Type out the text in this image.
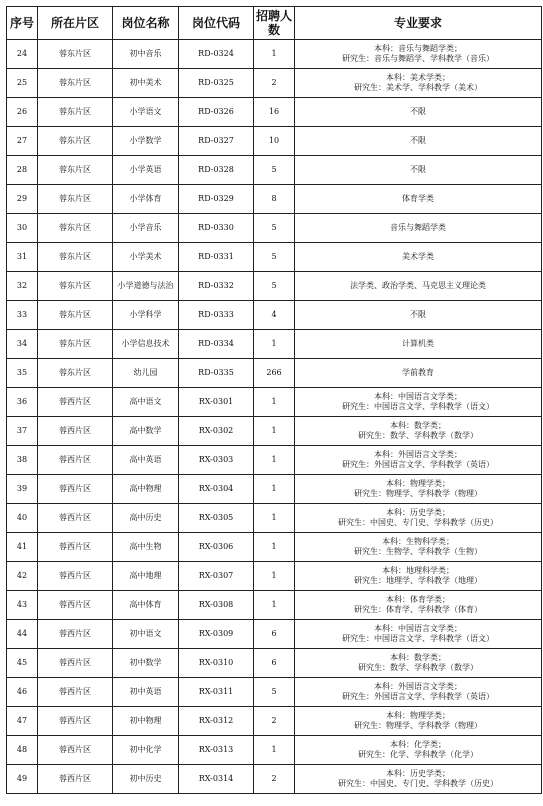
序号	所在片区	岗位名称	岗位代码	招聘人数	专业要求
24	蓉东片区	初中音乐	RD-0324	1	本科：音乐与舞蹈学类；
研究生：音乐与舞蹈学、学科教学（音乐）

25	蓉东片区	初中美术	RD-0325	2	本科：美术学类；
研究生：美术学、学科教学（美术）

26	蓉东片区	小学语文	RD-0326	16	不限

27	蓉东片区	小学数学	RD-0327	10	不限

28	蓉东片区	小学英语	RD-0328	5	不限

29	蓉东片区	小学体育	RD-0329	8	体育学类

30	蓉东片区	小学音乐	RD-0330	5	音乐与舞蹈学类

31	蓉东片区	小学美术	RD-0331	5	美术学类

32	蓉东片区	小学道德与法治	RD-0332	5	法学类、政治学类、马克思主义理论类

33	蓉东片区	小学科学	RD-0333	4	不限

34	蓉东片区	小学信息技术	RD-0334	1	计算机类

35	蓉东片区	幼儿园	RD-0335	266	学前教育

36	蓉西片区	高中语文	RX-0301	1	本科：中国语言文学类；
研究生：中国语言文学、学科教学（语文）

37	蓉西片区	高中数学	RX-0302	1	本科：数学类；
研究生：数学、学科教学（数学）

38	蓉西片区	高中英语	RX-0303	1	本科：外国语言文学类；
研究生：外国语言文学、学科教学（英语）

39	蓉西片区	高中物理	RX-0304	1	本科：物理学类；
研究生：物理学、学科教学（物理）

40	蓉西片区	高中历史	RX-0305	1	本科：历史学类；
研究生：中国史、专门史、学科教学（历史）

41	蓉西片区	高中生物	RX-0306	1	本科：生物科学类；
研究生：生物学、学科教学（生物）

42	蓉西片区	高中地理	RX-0307	1	本科：地理科学类；
研究生：地理学、学科教学（地理）

43	蓉西片区	高中体育	RX-0308	1	本科：体育学类；
研究生：体育学、学科教学（体育）

44	蓉西片区	初中语文	RX-0309	6	本科：中国语言文学类；
研究生：中国语言文学、学科教学（语文）

45	蓉西片区	初中数学	RX-0310	6	本科：数学类；
研究生：数学、学科教学（数学）

46	蓉西片区	初中英语	RX-0311	5	本科：外国语言文学类；
研究生：外国语言文学、学科教学（英语）

47	蓉西片区	初中物理	RX-0312	2	本科：物理学类；
研究生：物理学、学科教学（物理）

48	蓉西片区	初中化学	RX-0313	1	本科：化学类；
研究生：化学、学科教学（化学）

49	蓉西片区	初中历史	RX-0314	2	本科：历史学类；
研究生：中国史、专门史、学科教学（历史）
